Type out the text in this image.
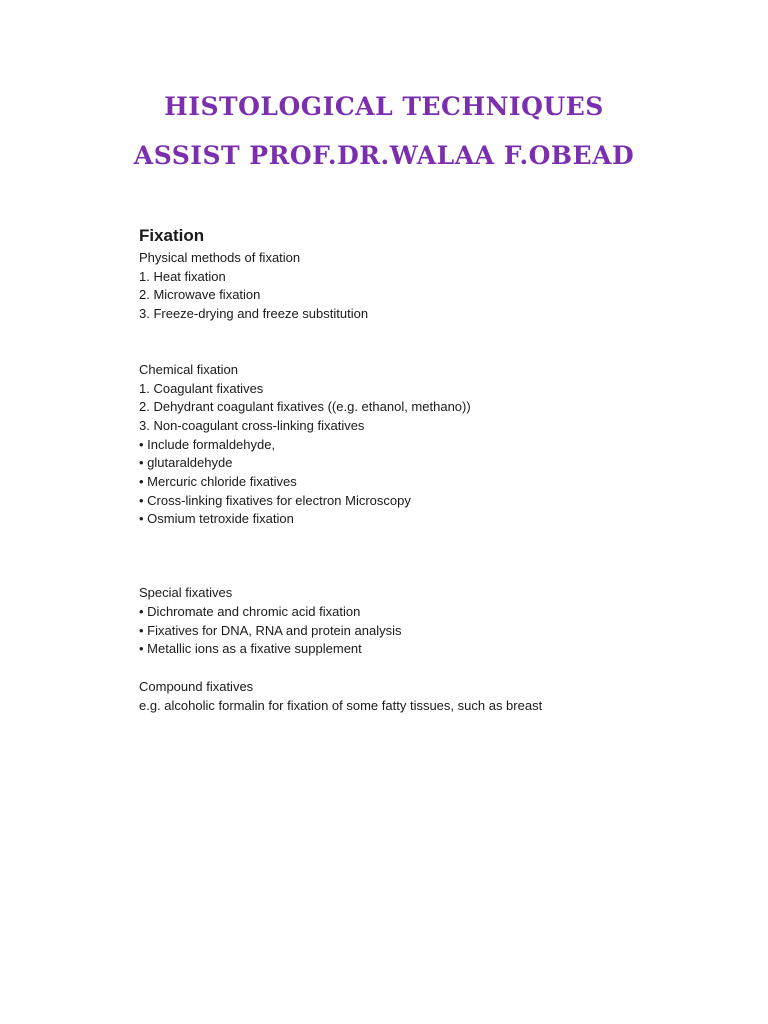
HISTOLOGICAL TECHNIQUES
ASSIST PROF.DR.WALAA F.OBEAD
Fixation
Physical methods of fixation
1. Heat fixation
2. Microwave fixation
3. Freeze-drying and freeze substitution
Chemical fixation
1. Coagulant fixatives
2. Dehydrant coagulant fixatives ((e.g. ethanol, methano))
3. Non-coagulant cross-linking fixatives
• Include formaldehyde,
• glutaraldehyde
• Mercuric chloride fixatives
• Cross-linking fixatives for electron Microscopy
• Osmium tetroxide fixation
Special fixatives
• Dichromate and chromic acid fixation
• Fixatives for DNA, RNA and protein analysis
• Metallic ions as a fixative supplement
Compound fixatives
e.g. alcoholic formalin for fixation of some fatty tissues, such as breast
